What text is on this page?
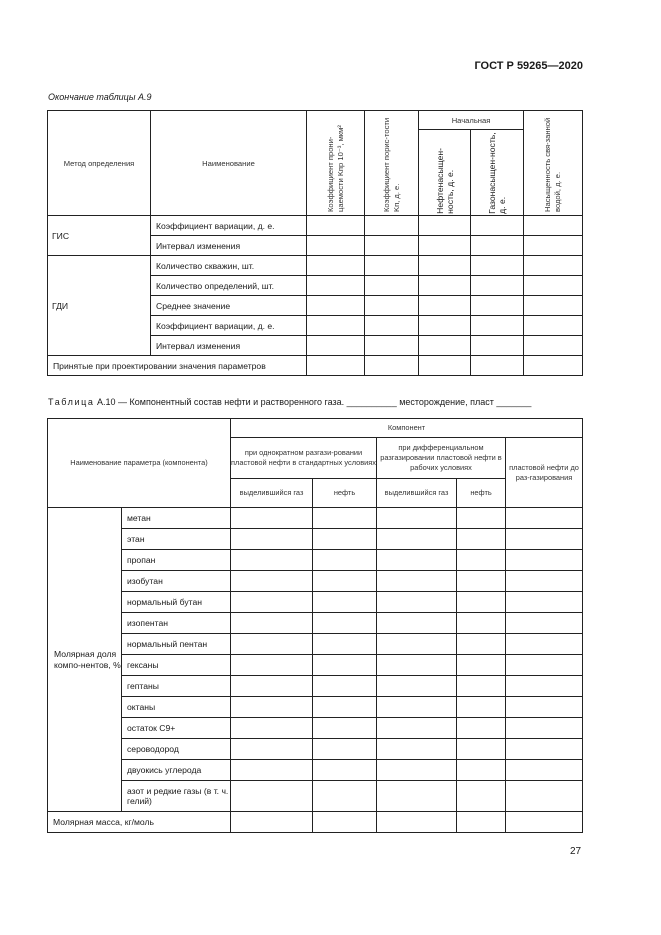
ГОСТ Р 59265—2020
Окончание таблицы А.9
Метод определения	Наименование	Коэффициент прони-цаемости Kпр 10⁻³, мкм²	Коэффициент порис-тости Kп, д. е.	Начальная		Насыщенность свя-занной водой, д. е.
				Нефтенасыщен-ность, д. е.	Газонасыщен-ность, д. е.	
ГИС	Коэффициент вариации, д. е.					
	Интервал изменения					
ГДИ	Количество скважин, шт.					
	Количество определений, шт.					
	Среднее значение					
	Коэффициент вариации, д. е.					
	Интервал изменения					
Принятые при проектировании значения параметров						
Таблица А.10 — Компонентный состав нефти и растворенного газа. __________ месторождение, пласт _______
Наименование параметра (компонента)		Компонент				
		при однократном разгази-ровании пластовой нефти в стандартных условиях		при дифференциальном разгазировании пластовой нефти в рабочих условиях		пластовой нефти до раз-газирования
		выделившийся газ	нефть	выделившийся газ	нефть	
Молярная доля компо-нентов, %	метан					
	этан					
	пропан					
	изобутан					
	нормальный бутан					
	изопентан					
	нормальный пентан					
	гексаны					
	гептаны					
	октаны					
	остаток С9+					
	сероводород					
	двуокись углерода					
	азот и редкие газы (в т. ч. гелий)					
Молярная масса, кг/моль						
27
